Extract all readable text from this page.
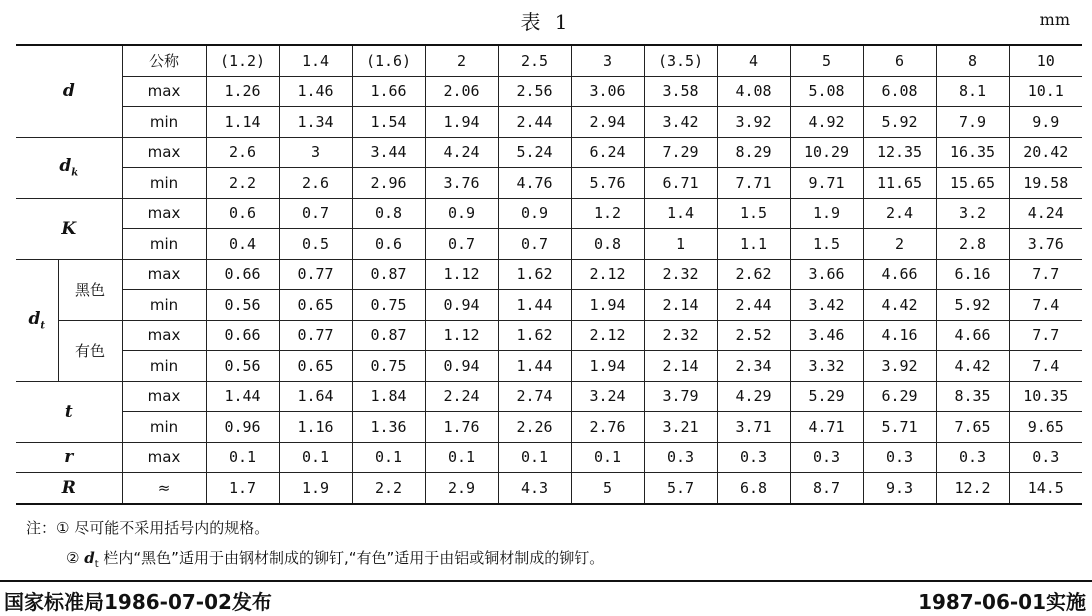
表 1	mm
d		公称	(1.2)	1.4	(1.6)	2	2.5	3	(3.5)	4	5	6	8	10
		max	1.26	1.46	1.66	2.06	2.56	3.06	3.58	4.08	5.08	6.08	8.1	10.1
		min	1.14	1.34	1.54	1.94	2.44	2.94	3.42	3.92	4.92	5.92	7.9	9.9
$d_k$		max	2.6	3	3.44	4.24	5.24	6.24	7.29	8.29	10.29	12.35	16.35	20.42
		min	2.2	2.6	2.96	3.76	4.76	5.76	6.71	7.71	9.71	11.65	15.65	19.58
K		max	0.6	0.7	0.8	0.9	0.9	1.2	1.4	1.5	1.9	2.4	3.2	4.24
		min	0.4	0.5	0.6	0.7	0.7	0.8	1	1.1	1.5	2	2.8	3.76
$d_t$	黑色	max	0.66	0.77	0.87	1.12	1.62	2.12	2.32	2.62	3.66	4.66	6.16	7.7
		min	0.56	0.65	0.75	0.94	1.44	1.94	2.14	2.44	3.42	4.42	5.92	7.4
	有色	max	0.66	0.77	0.87	1.12	1.62	2.12	2.32	2.52	3.46	4.16	4.66	7.7
		min	0.56	0.65	0.75	0.94	1.44	1.94	2.14	2.34	3.32	3.92	4.42	7.4
t		max	1.44	1.64	1.84	2.24	2.74	3.24	3.79	4.29	5.29	6.29	8.35	10.35
		min	0.96	1.16	1.36	1.76	2.26	2.76	3.21	3.71	4.71	5.71	7.65	9.65
r		max	0.1	0.1	0.1	0.1	0.1	0.1	0.3	0.3	0.3	0.3	0.3	0.3
R		≈	1.7	1.9	2.2	2.9	4.3	5	5.7	6.8	8.7	9.3	12.2	14.5
注：① 尽可能不采用括号内的规格。
② $d_t$ 栏内“黑色”适用于由钢材制成的铆钉,“有色”适用于由铝或铜材制成的铆钉。
国家标准局1986-07-02发布	1987-06-01实施
